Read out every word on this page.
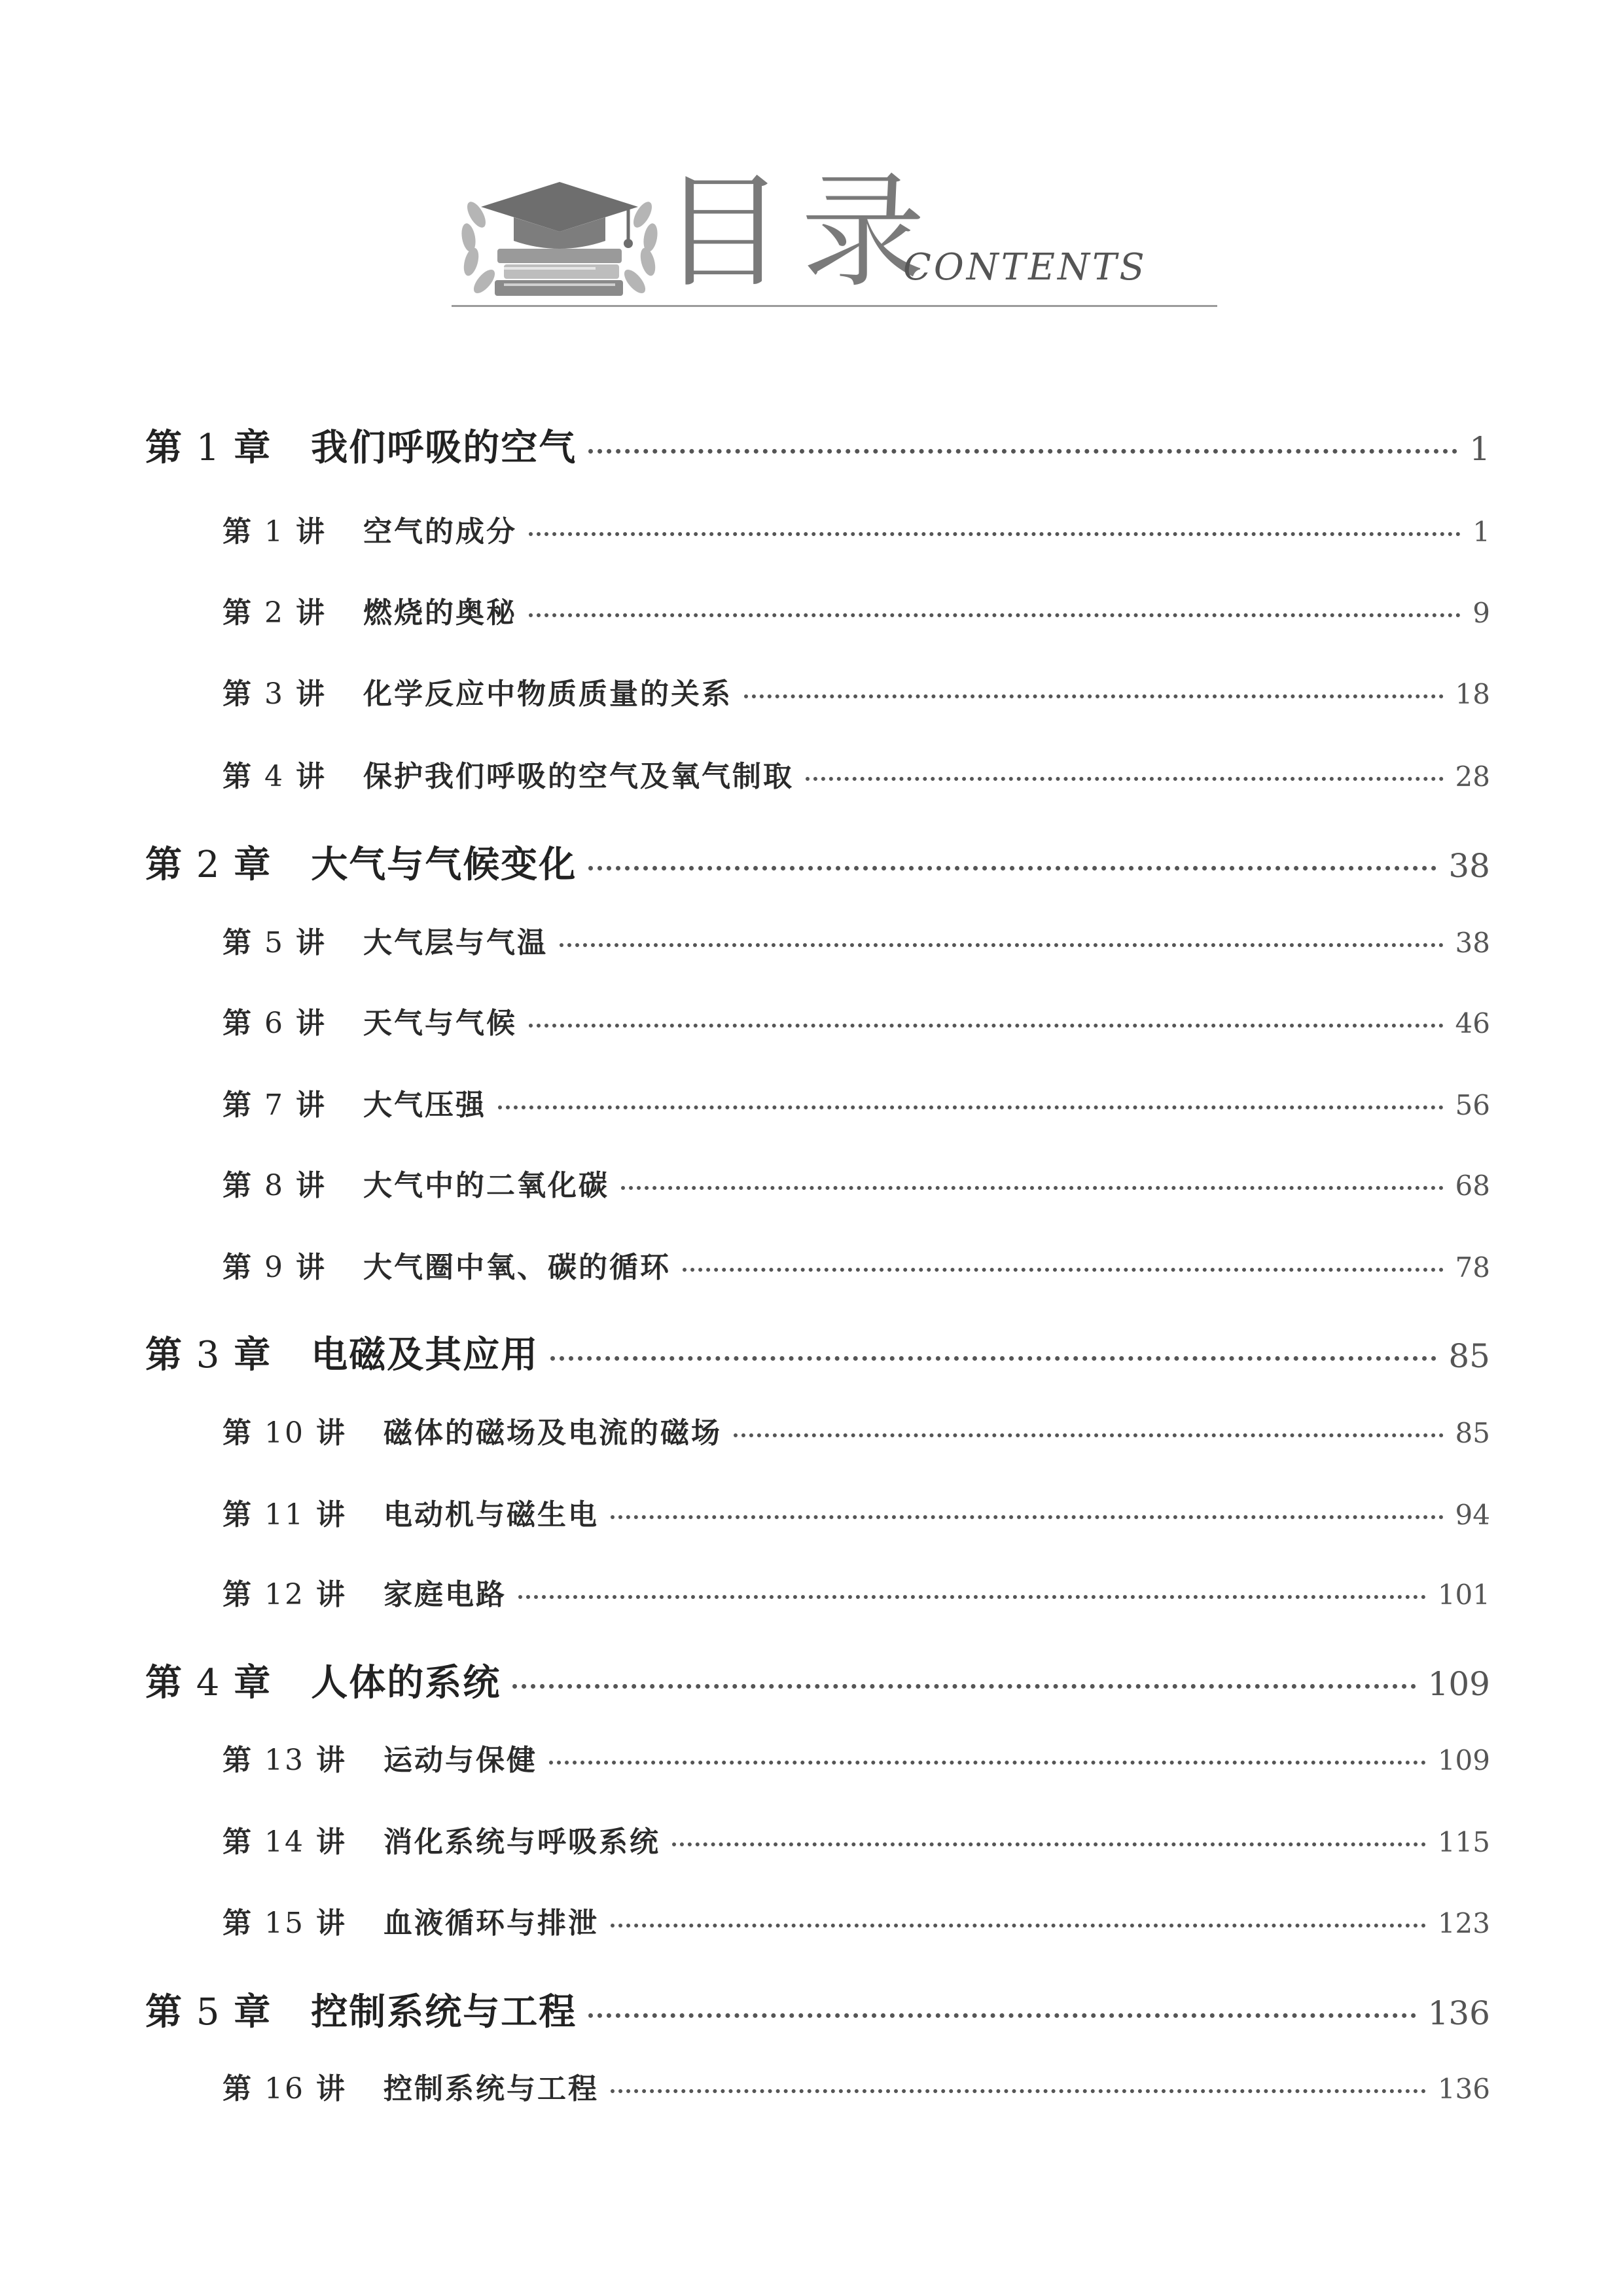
目录
CONTENTS
第 1 章 我们呼吸的空气	1
第 1 讲 空气的成分	1
第 2 讲 燃烧的奥秘	9
第 3 讲 化学反应中物质质量的关系	18
第 4 讲 保护我们呼吸的空气及氧气制取	28
第 2 章 大气与气候变化	38
第 5 讲 大气层与气温	38
第 6 讲 天气与气候	46
第 7 讲 大气压强	56
第 8 讲 大气中的二氧化碳	68
第 9 讲 大气圈中氧、碳的循环	78
第 3 章 电磁及其应用	85
第 10 讲 磁体的磁场及电流的磁场	85
第 11 讲 电动机与磁生电	94
第 12 讲 家庭电路	101
第 4 章 人体的系统	109
第 13 讲 运动与保健	109
第 14 讲 消化系统与呼吸系统	115
第 15 讲 血液循环与排泄	123
第 5 章 控制系统与工程	136
第 16 讲 控制系统与工程	136
